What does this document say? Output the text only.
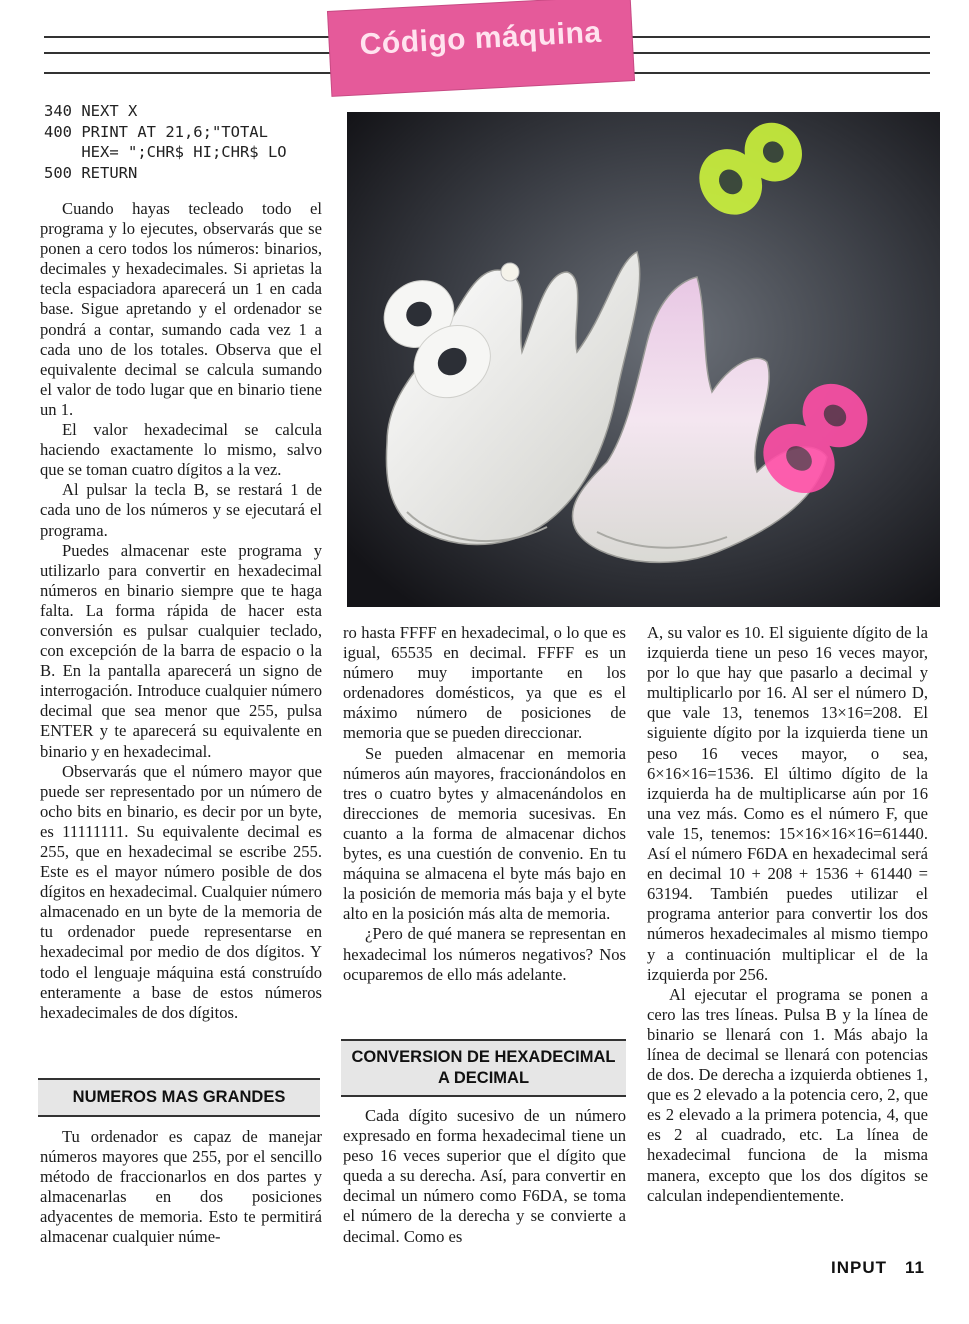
Código máquina
340 NEXT X
400 PRINT AT 21,6;"TOTAL
HEX= ";CHR$ HI;CHR$ LO
500 RETURN

Cuando hayas tecleado todo el programa y lo ejecutes, observarás que se ponen a cero todos los números: binarios, decimales y hexadecimales. Si aprietas la tecla espaciadora aparecerá un 1 en cada base. Sigue apretando y el ordenador se pondrá a contar, sumando cada vez 1 a cada uno de los totales. Observa que el equivalente decimal se calcula sumando el valor de todo lugar que en binario tiene un 1.

El valor hexadecimal se calcula haciendo exactamente lo mismo, salvo que se toman cuatro dígitos a la vez.

Al pulsar la tecla B, se restará 1 de cada uno de los números y se ejecutará el programa.

Puedes almacenar este programa y utilizarlo para convertir en hexadecimal números en binario siempre que te haga falta. La forma rápida de hacer esta conversión es pulsar cualquier teclado, con excepción de la barra de espacio o la B. En la pantalla aparecerá un signo de interrogación. Introduce cualquier número decimal que sea menor que 255, pulsa ENTER y te aparecerá su equivalente en binario y en hexadecimal.

Observarás que el número mayor que puede ser representado por un número de ocho bits en binario, es decir por un byte, es 11111111. Su equivalente decimal es 255, que en hexadecimal se escribe 255. Este es el mayor número posible de dos dígitos en hexadecimal. Cualquier número almacenado en un byte de la memoria de tu ordenador puede representarse en hexadecimal por medio de dos dígitos. Y todo el lenguaje máquina está construído enteramente a base de estos números hexadecimales de dos dígitos.

NUMEROS MAS GRANDES

Tu ordenador es capaz de manejar números mayores que 255, por el sencillo método de fraccionarlos en dos partes y almacenarlas en dos posiciones adyacentes de memoria. Esto te permitirá almacenar cualquier núme-

ro hasta FFFF en hexadecimal, o lo que es igual, 65535 en decimal. FFFF es un número muy importante en los ordenadores domésticos, ya que es el máximo número de posiciones de memoria que se pueden direccionar.

Se pueden almacenar en memoria números aún mayores, fraccionándolos en tres o cuatro bytes y almacenándolos en direcciones de memoria sucesivas. En cuanto a la forma de almacenar dichos bytes, es una cuestión de convenio. En tu máquina se almacena el byte más bajo en la posición de memoria más baja y el byte alto en la posición más alta de memoria.

¿Pero de qué manera se representan en hexadecimal los números negativos? Nos ocuparemos de ello más adelante.

CONVERSION DE HEXADECIMAL
A DECIMAL

Cada dígito sucesivo de un número expresado en forma hexadecimal tiene un peso 16 veces superior que el dígito que queda a su derecha. Así, para convertir en decimal un número como F6DA, se toma el número de la derecha y se convierte a decimal. Como es

A, su valor es 10. El siguiente dígito de la izquierda tiene un peso 16 veces mayor, por lo que hay que pasarlo a decimal y multiplicarlo por 16. Al ser el número D, que vale 13, tenemos 13×16=208. El siguiente dígito por la izquierda tiene un peso 16 veces mayor, o sea, 6×16×16=1536. El último dígito de la izquierda ha de multiplicarse aún por 16 una vez más. Como es el número F, que vale 15, tenemos: 15×16×16×16=61440. Así el número F6DA en hexadecimal será en decimal 10 + 208 + 1536 + 61440 = 63194. También puedes utilizar el programa anterior para convertir los dos números hexadecimales al mismo tiempo y a continuación multiplicar el de la izquierda por 256.

Al ejecutar el programa se ponen a cero las tres líneas. Pulsa B y la línea de binario se llenará con 1. Más abajo la línea de decimal se llenará con potencias de dos. De derecha a izquierda obtienes 1, que es 2 elevado a la potencia cero, 2, que es 2 elevado a la primera potencia, 4, que es 2 al cuadrado, etc. La línea de hexadecimal funciona de la misma manera, excepto que los dos dígitos se calculan independientemente.

INPUT 11
